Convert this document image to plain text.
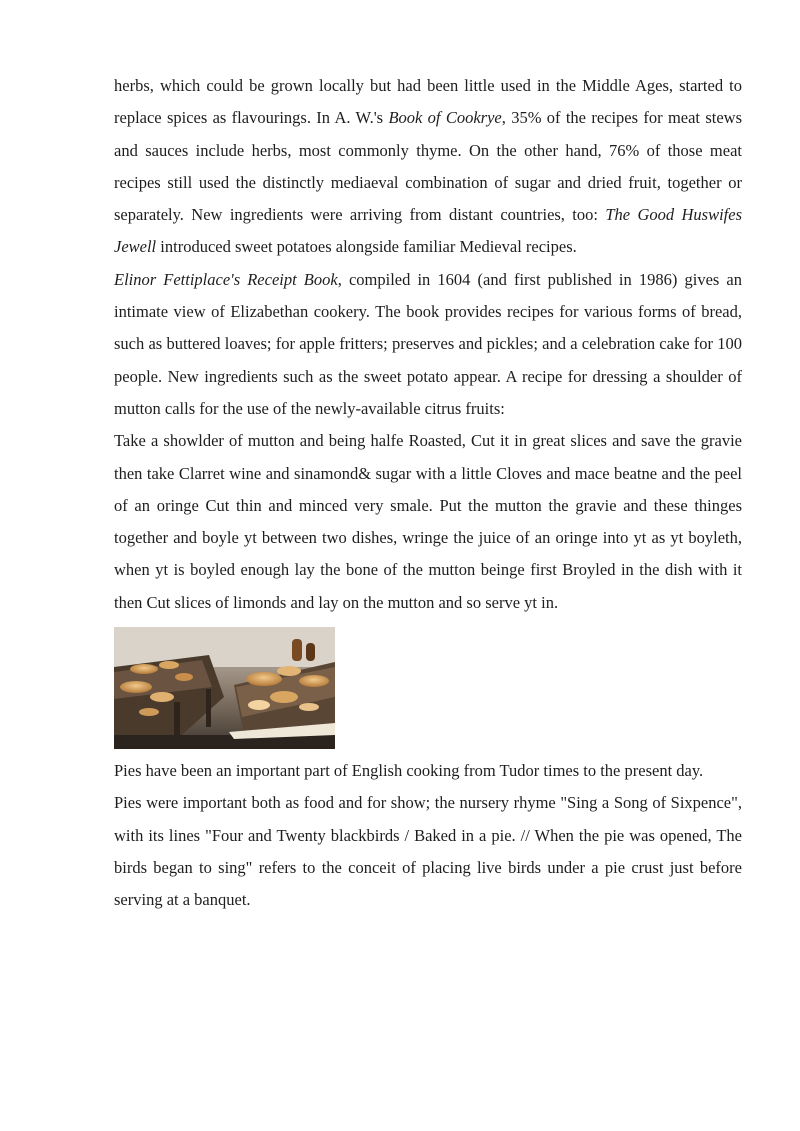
herbs, which could be grown locally but had been little used in the Middle Ages, started to replace spices as flavourings. In A. W.'s Book of Cookrye, 35% of the recipes for meat stews and sauces include herbs, most commonly thyme. On the other hand, 76% of those meat recipes still used the distinctly mediaeval combination of sugar and dried fruit, together or separately. New ingredients were arriving from distant countries, too: The Good Huswifes Jewell introduced sweet potatoes alongside familiar Medieval recipes.

Elinor Fettiplace's Receipt Book, compiled in 1604 (and first published in 1986) gives an intimate view of Elizabethan cookery. The book provides recipes for various forms of bread, such as buttered loaves; for apple fritters; preserves and pickles; and a celebration cake for 100 people. New ingredients such as the sweet potato appear. A recipe for dressing a shoulder of mutton calls for the use of the newly-available citrus fruits:

Take a showlder of mutton and being halfe Roasted, Cut it in great slices and save the gravie then take Clarret wine and sinamond& sugar with a little Cloves and mace beatne and the peel of an oringe Cut thin and minced very smale. Put the mutton the gravie and these thinges together and boyle yt between two dishes, wringe the juice of an oringe into yt as yt boyleth, when yt is boyled enough lay the bone of the mutton beinge first Broyled in the dish with it then Cut slices of limonds and lay on the mutton and so serve yt in.

Pies have been an important part of English cooking from Tudor times to the present day.

Pies were important both as food and for show; the nursery rhyme "Sing a Song of Sixpence", with its lines "Four and Twenty blackbirds / Baked in a pie. // When the pie was opened, The birds began to sing" refers to the conceit of placing live birds under a pie crust just before serving at a banquet.
